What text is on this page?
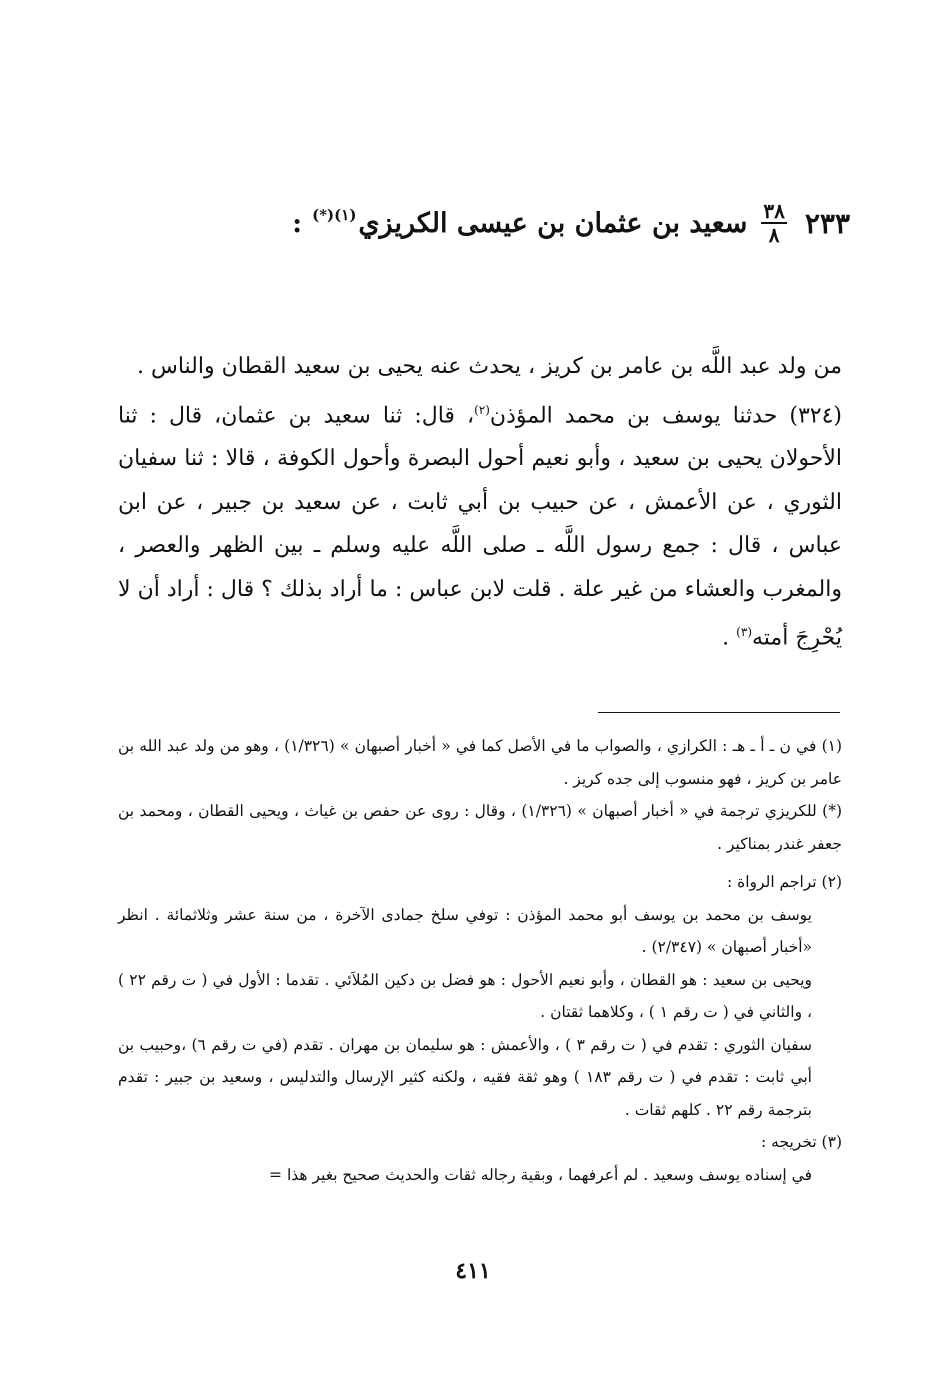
٢٣٣
$\frac{٣٨}{٨}$
سعيد بن عثمان بن عيسى الكريزي
(١)(*)
:

من ولد عبد اللَّه بن عامر بن كريز ، يحدث عنه يحيى بن سعيد القطان والناس .

(٣٢٤) حدثنا يوسف بن محمد المؤذن$^{(٢)}$، قال: ثنا سعيد بن عثمان، قال : ثنا الأحولان يحيى بن سعيد ، وأبو نعيم أحول البصرة وأحول الكوفة ، قالا : ثنا سفيان الثوري ، عن الأعمش ، عن حبيب بن أبي ثابت ، عن سعيد بن جبير ، عن ابن عباس ، قال : جمع رسول اللَّه ـ صلى اللَّه عليه وسلم ـ بين الظهر والعصر ، والمغرب والعشاء من غير علة . قلت لابن عباس : ما أراد بذلك ؟ قال : أراد أن لا يُحْرِجَ أمته$^{(٣)}$ .

(١) في ن ـ أ ـ هـ : الكرازي ، والصواب ما في الأصل كما في « أخبار أصبهان » (١/٣٢٦) ، وهو من ولد عبد الله بن عامر بن كريز ، فهو منسوب إلى جده كريز .

(*) للكريزي ترجمة في « أخبار أصبهان » (١/٣٢٦) ، وقال : روى عن حفص بن غياث ، ويحيى القطان ، ومحمد بن جعفر غندر بمناكير .

(٢) تراجم الرواة :

يوسف بن محمد بن يوسف أبو محمد المؤذن : توفي سلخ جمادى الآخرة ، من سنة عشر وثلاثمائة . انظر «أخبار أصبهان » (٢/٣٤٧) .

ويحيى بن سعيد : هو القطان ، وأبو نعيم الأحول : هو فضل بن دكين المُلاَئي . تقدما : الأول في ( ت رقم ٢٢ ) ، والثاني في ( ت رقم ١ ) ، وكلاهما ثقتان .

سفيان الثوري : تقدم في ( ت رقم ٣ ) ، والأعمش : هو سليمان بن مهران . تقدم (في ت رقم ٦) ،وحبيب بن أبي ثابت : تقدم في ( ت رقم ١٨٣ ) وهو ثقة فقيه ، ولكنه كثير الإرسال والتدليس ، وسعيد بن جبير : تقدم بترجمة رقم ٢٢ . كلهم ثقات .

(٣) تخريجه :

في إسناده يوسف وسعيد . لم أعرفهما ، وبقية رجاله ثقات والحديث صحيح بغير هذا =

٤١١
